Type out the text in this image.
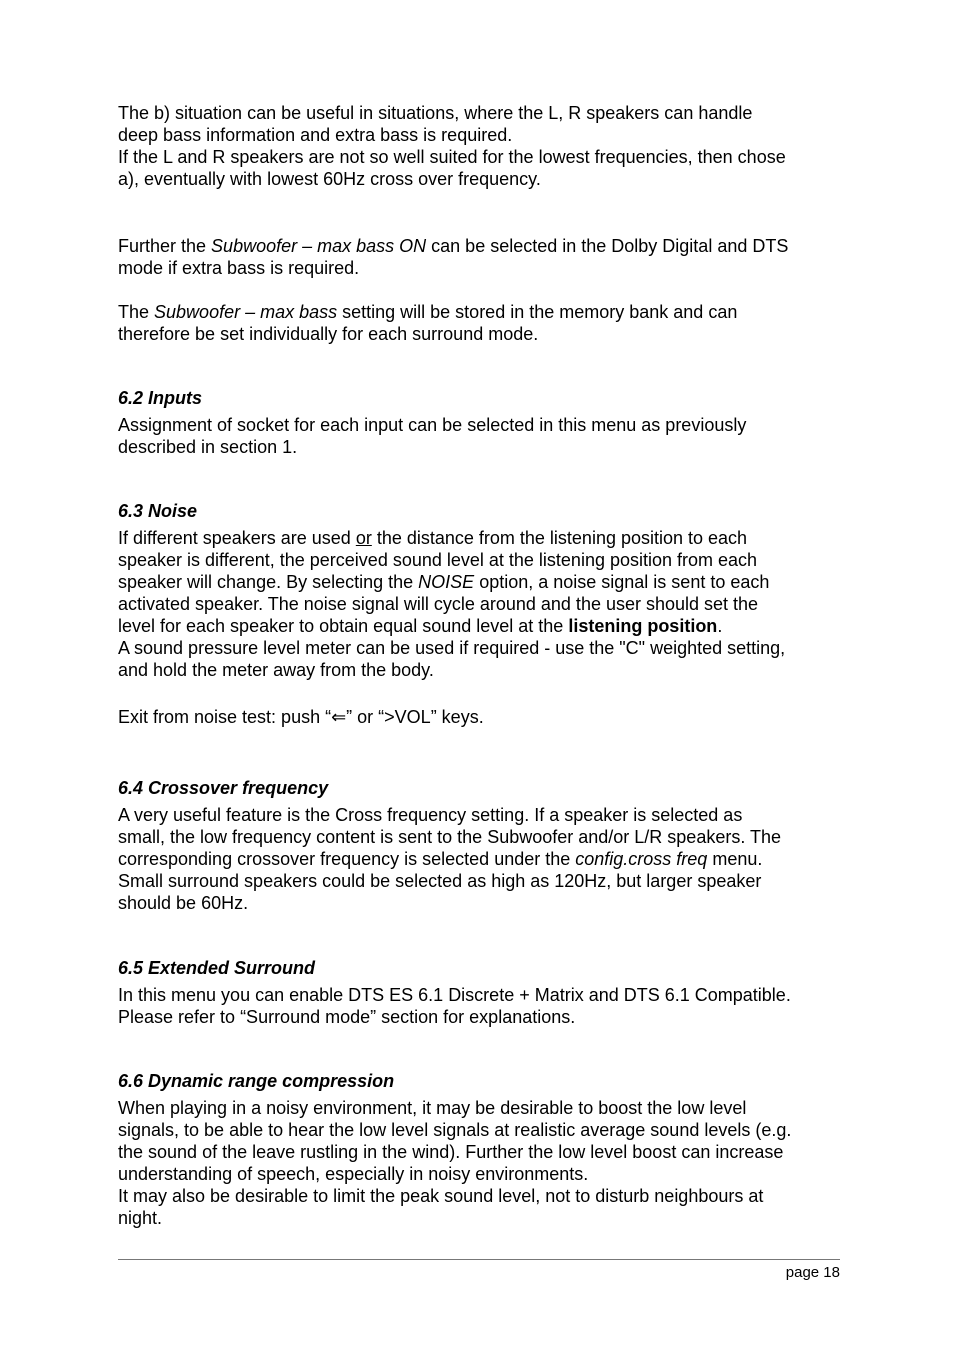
The b) situation can be useful in situations, where the L, R speakers can handle
deep bass information and extra bass is required.
If the L and R speakers are not so well suited for the lowest frequencies, then chose
a), eventually with lowest 60Hz cross over frequency.

Further the Subwoofer – max bass ON can be selected in the Dolby Digital and DTS
mode if extra bass is required.

The Subwoofer – max bass setting will be stored in the memory bank and can
therefore be set individually for each surround mode.

6.2 Inputs

Assignment of socket for each input can be selected in this menu as previously
described in section 1.

6.3 Noise

If different speakers are used or the distance from the listening position to each
speaker is different, the perceived sound level at the listening position from each
speaker will change. By selecting the NOISE option, a noise signal is sent to each
activated speaker. The noise signal will cycle around and the user should set the
level for each speaker to obtain equal sound level at the listening position.
A sound pressure level meter can be used if required - use the "C" weighted setting,
and hold the meter away from the body.

Exit from noise test: push “⇐” or “>VOL” keys.

6.4 Crossover frequency

A very useful feature is the Cross frequency setting. If a speaker is selected as
small, the low frequency content is sent to the Subwoofer and/or L/R speakers. The
corresponding crossover frequency is selected under the config.cross freq menu.
Small surround speakers could be selected as high as 120Hz, but larger speaker
should be 60Hz.

6.5 Extended Surround

In this menu you can enable DTS ES 6.1 Discrete + Matrix and DTS 6.1 Compatible.
Please refer to “Surround mode” section for explanations.

6.6 Dynamic range compression

When playing in a noisy environment, it may be desirable to boost the low level
signals, to be able to hear the low level signals at realistic average sound levels (e.g.
the sound of the leave rustling in the wind). Further the low level boost can increase
understanding of speech, especially in noisy environments.
It may also be desirable to limit the peak sound level, not to disturb neighbours at
night.

page 18
